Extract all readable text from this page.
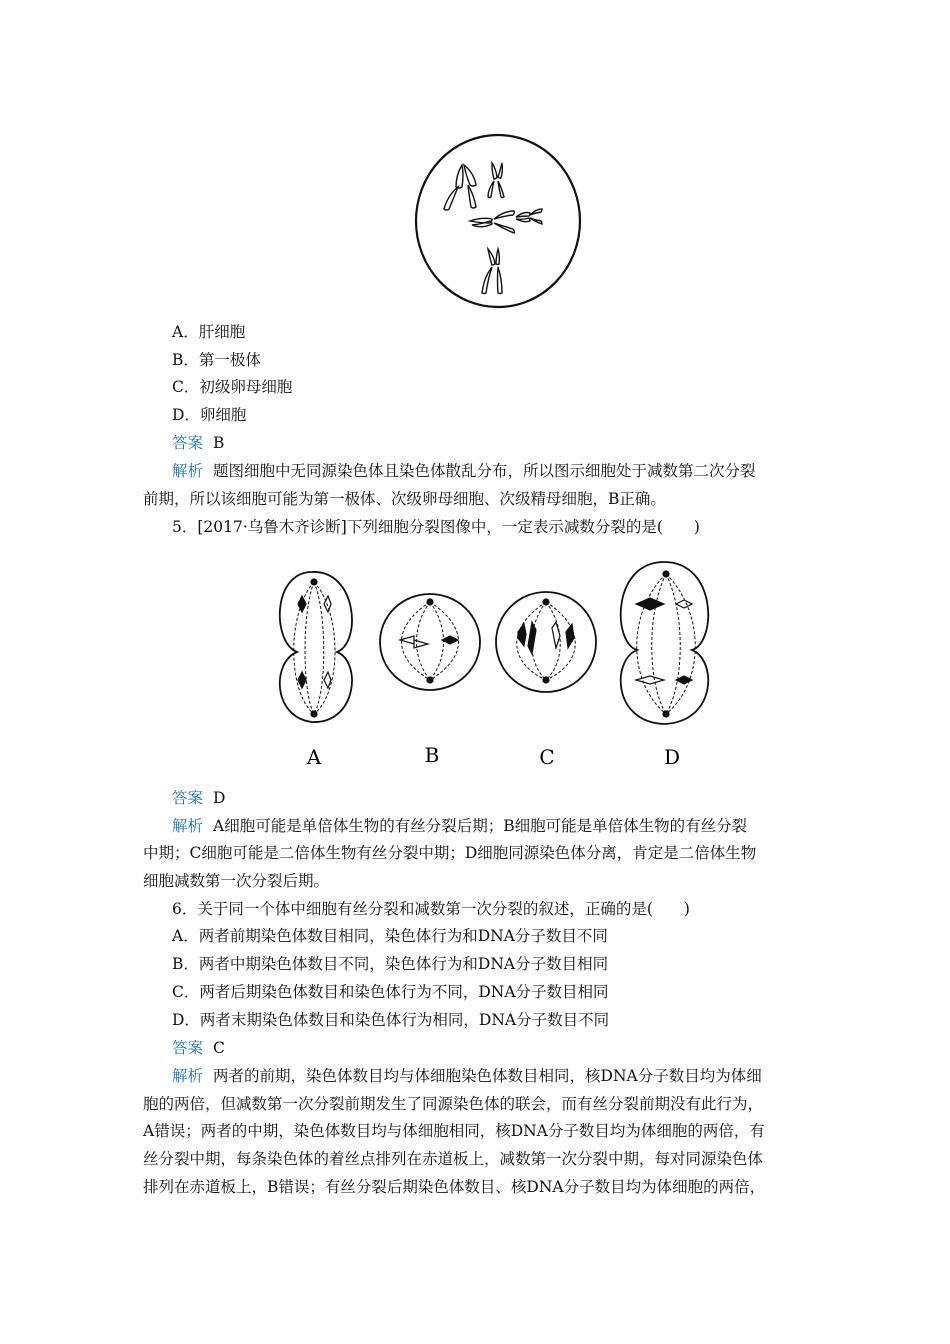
A．肝细胞
B．第一极体
C．初级卵母细胞
D．卵细胞
答案 B
解析 题图细胞中无同源染色体且染色体散乱分布，所以图示细胞处于减数第二次分裂
前期，所以该细胞可能为第一极体、次级卵母细胞、次级精母细胞，B正确。
5．[2017·乌鲁木齐诊断]下列细胞分裂图像中，一定表示减数分裂的是(　　)
A	B	C	D
答案 D
解析 A细胞可能是单倍体生物的有丝分裂后期；B细胞可能是单倍体生物的有丝分裂
中期；C细胞可能是二倍体生物有丝分裂中期；D细胞同源染色体分离，肯定是二倍体生物
细胞减数第一次分裂后期。
6．关于同一个体中细胞有丝分裂和减数第一次分裂的叙述，正确的是(　　)
A．两者前期染色体数目相同，染色体行为和DNA分子数目不同
B．两者中期染色体数目不同，染色体行为和DNA分子数目相同
C．两者后期染色体数目和染色体行为不同，DNA分子数目相同
D．两者末期染色体数目和染色体行为相同，DNA分子数目不同
答案 C
解析 两者的前期，染色体数目均与体细胞染色体数目相同，核DNA分子数目均为体细
胞的两倍，但减数第一次分裂前期发生了同源染色体的联会，而有丝分裂前期没有此行为，
A错误；两者的中期，染色体数目均与体细胞相同，核DNA分子数目均为体细胞的两倍，有
丝分裂中期，每条染色体的着丝点排列在赤道板上，减数第一次分裂中期，每对同源染色体
排列在赤道板上，B错误；有丝分裂后期染色体数目、核DNA分子数目均为体细胞的两倍，
